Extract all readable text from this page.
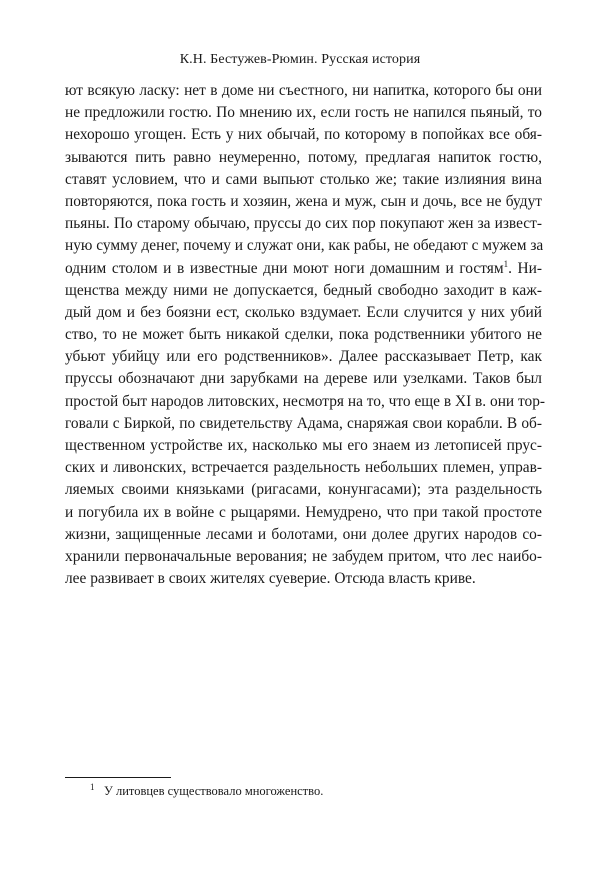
К.Н. Бестужев-Рюмин. Русская история
ют всякую ласку: нет в доме ни съестного, ни напитка, которого бы они
не предложили гостю. По мнению их, если гость не напился пьяный, то
нехорошо угощен. Есть у них обычай, по которому в попойках все обя-
зываются пить равно неумеренно, потому, предлагая напиток гостю,
ставят условием, что и сами выпьют столько же; такие излияния вина
повторяются, пока гость и хозяин, жена и муж, сын и дочь, все не будут
пьяны. По старому обычаю, пруссы до сих пор покупают жен за извест-
ную сумму денег, почему и служат они, как рабы, не обедают с мужем за
одним столом и в известные дни моют ноги домашним и гостям$^1$. Ни-
щенства между ними не допускается, бедный свободно заходит в каж-
дый дом и без боязни ест, сколько вздумает. Если случится у них убий
ство, то не может быть никакой сделки, пока родственники убитого не
убьют убийцу или его родственников». Далее рассказывает Петр, как
пруссы обозначают дни зарубками на дереве или узелками. Таков был
простой быт народов литовских, несмотря на то, что еще в XI в. они тор-
говали с Биркой, по свидетельству Адама, снаряжая свои корабли. В об-
щественном устройстве их, насколько мы его знаем из летописей прус-
ских и ливонских, встречается раздельность небольших племен, управ-
ляемых своими князьками (ригасами, конунгасами); эта раздельность
и погубила их в войне с рыцарями. Немудрено, что при такой простоте
жизни, защищенные лесами и болотами, они долее других народов со-
хранили первоначальные верования; не забудем притом, что лес наибо-
лее развивает в своих жителях суеверие. Отсюда власть криве.
1 У литовцев существовало многоженство.
